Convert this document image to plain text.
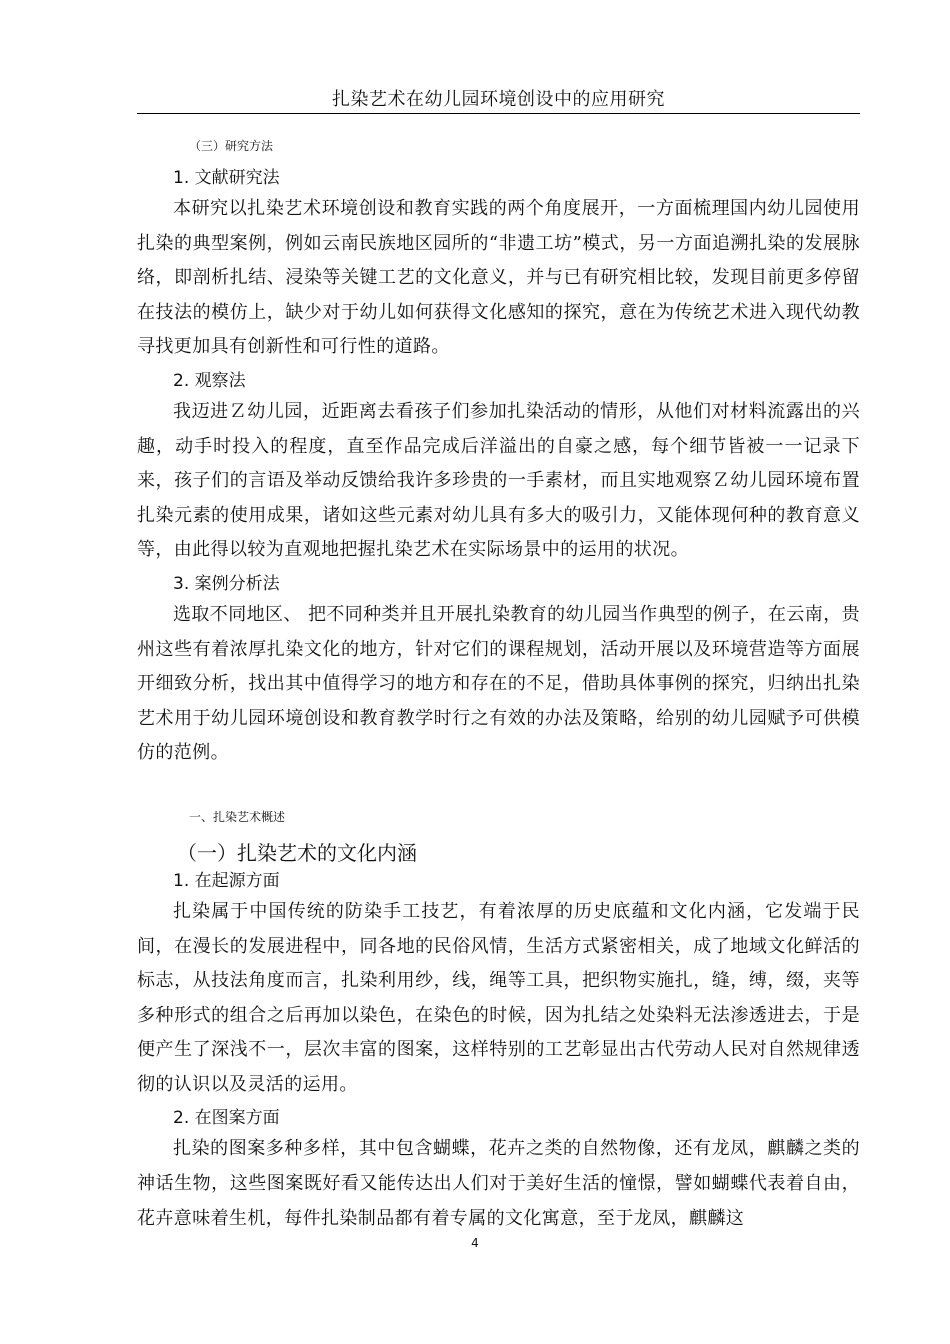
扎染艺术在幼儿园环境创设中的应用研究

（三）研究方法

1. 文献研究法

本研究以扎染艺术环境创设和教育实践的两个角度展开，一方面梳理国内幼儿园使用扎染的典型案例，例如云南民族地区园所的“非遗工坊”模式，另一方面追溯扎染的发展脉络，即剖析扎结、浸染等关键工艺的文化意义，并与已有研究相比较，发现目前更多停留在技法的模仿上，缺少对于幼儿如何获得文化感知的探究，意在为传统艺术进入现代幼教寻找更加具有创新性和可行性的道路。

2. 观察法

我迈进Ｚ幼儿园，近距离去看孩子们参加扎染活动的情形，从他们对材料流露出的兴趣，动手时投入的程度，直至作品完成后洋溢出的自豪之感，每个细节皆被一一记录下来，孩子们的言语及举动反馈给我许多珍贵的一手素材，而且实地观察Ｚ幼儿园环境布置扎染元素的使用成果，诸如这些元素对幼儿具有多大的吸引力，又能体现何种的教育意义等，由此得以较为直观地把握扎染艺术在实际场景中的运用的状况。

3. 案例分析法

选取不同地区、 把不同种类并且开展扎染教育的幼儿园当作典型的例子，在云南，贵州这些有着浓厚扎染文化的地方，针对它们的课程规划，活动开展以及环境营造等方面展开细致分析，找出其中值得学习的地方和存在的不足，借助具体事例的探究，归纳出扎染艺术用于幼儿园环境创设和教育教学时行之有效的办法及策略，给别的幼儿园赋予可供模仿的范例。

一、扎染艺术概述

（一）扎染艺术的文化内涵

1. 在起源方面

扎染属于中国传统的防染手工技艺，有着浓厚的历史底蕴和文化内涵，它发端于民间，在漫长的发展进程中，同各地的民俗风情，生活方式紧密相关，成了地域文化鲜活的标志，从技法角度而言，扎染利用纱，线，绳等工具，把织物实施扎，缝，缚，缀，夹等多种形式的组合之后再加以染色，在染色的时候，因为扎结之处染料无法渗透进去，于是便产生了深浅不一，层次丰富的图案，这样特别的工艺彰显出古代劳动人民对自然规律透彻的认识以及灵活的运用。

2. 在图案方面

扎染的图案多种多样，其中包含蝴蝶，花卉之类的自然物像，还有龙凤，麒麟之类的神话生物，这些图案既好看又能传达出人们对于美好生活的憧憬，譬如蝴蝶代表着自由，花卉意味着生机，每件扎染制品都有着专属的文化寓意，至于龙凤，麒麟这

4
